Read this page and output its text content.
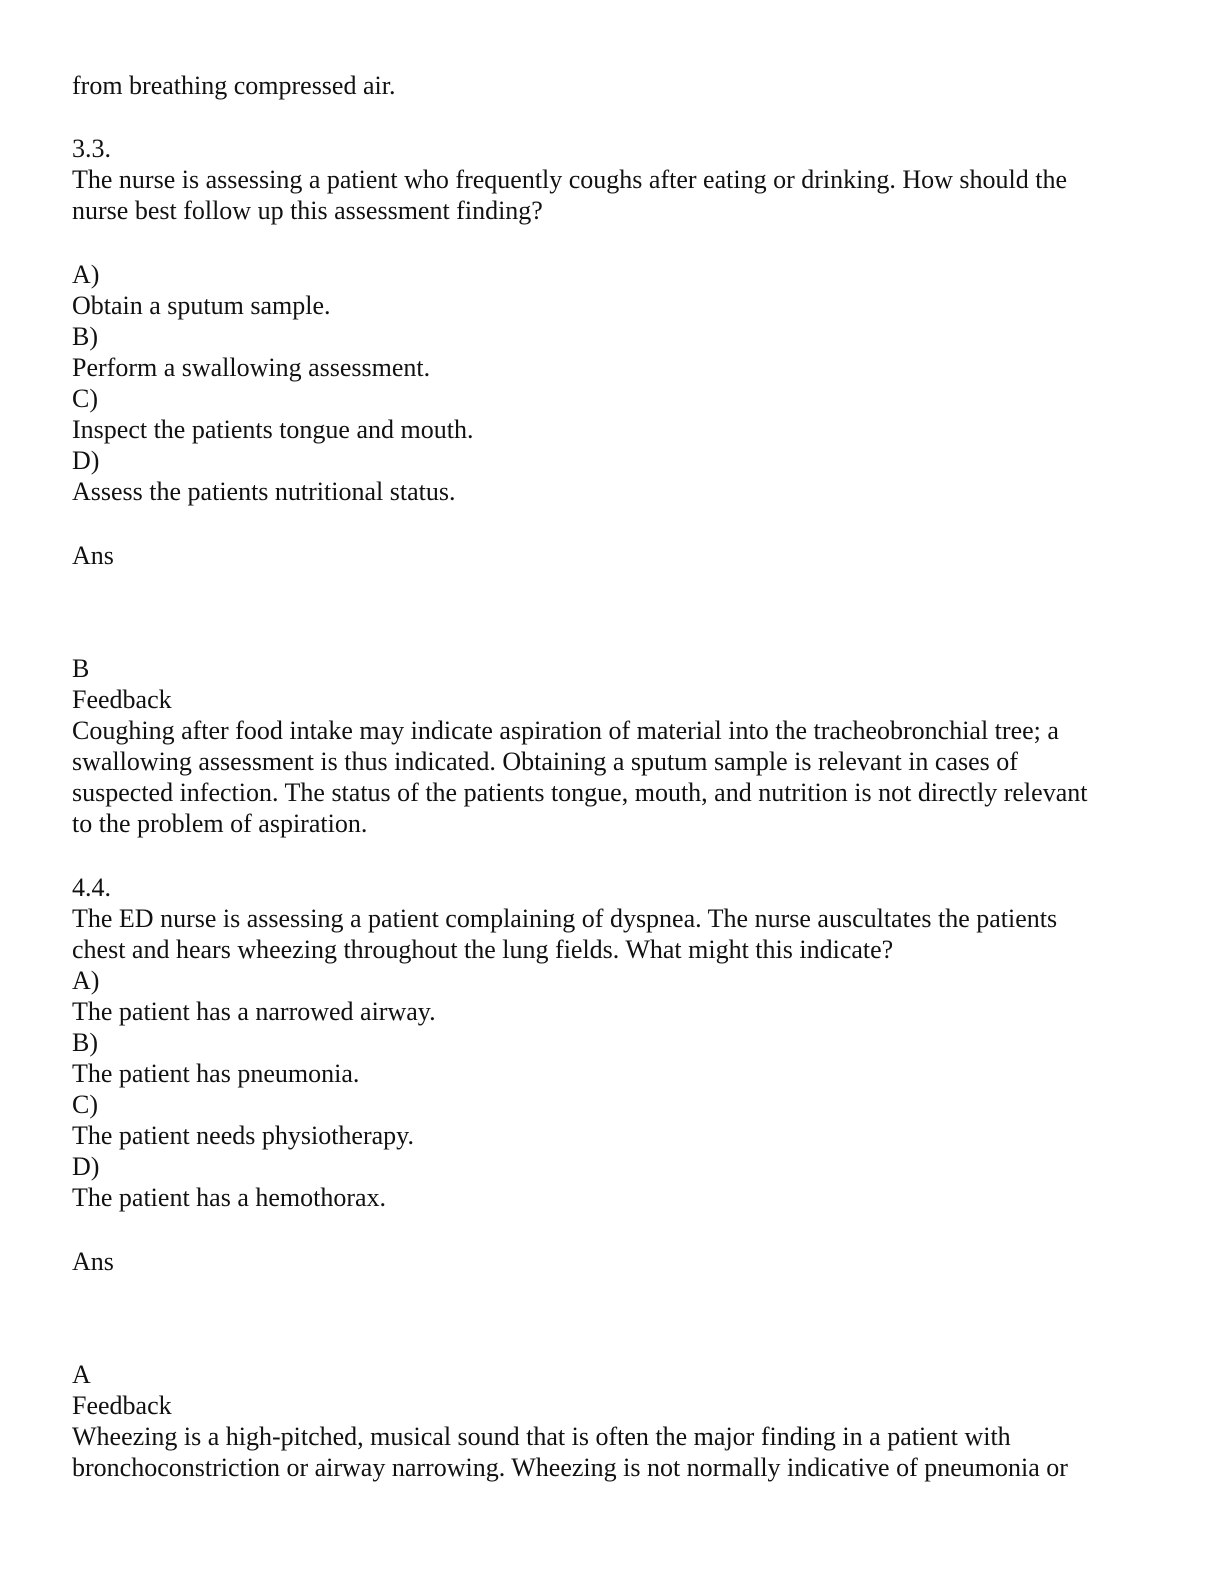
from breathing compressed air.
3.3.
The nurse is assessing a patient who frequently coughs after eating or drinking. How should the
nurse best follow up this assessment finding?
A)
Obtain a sputum sample.
B)
Perform a swallowing assessment.
C)
Inspect the patients tongue and mouth.
D)
Assess the patients nutritional status.
Ans
B
Feedback
Coughing after food intake may indicate aspiration of material into the tracheobronchial tree; a
swallowing assessment is thus indicated. Obtaining a sputum sample is relevant in cases of
suspected infection. The status of the patients tongue, mouth, and nutrition is not directly relevant
to the problem of aspiration.
4.4.
The ED nurse is assessing a patient complaining of dyspnea. The nurse auscultates the patients
chest and hears wheezing throughout the lung fields. What might this indicate?
A)
The patient has a narrowed airway.
B)
The patient has pneumonia.
C)
The patient needs physiotherapy.
D)
The patient has a hemothorax.
Ans
A
Feedback
Wheezing is a high-pitched, musical sound that is often the major finding in a patient with
bronchoconstriction or airway narrowing. Wheezing is not normally indicative of pneumonia or
